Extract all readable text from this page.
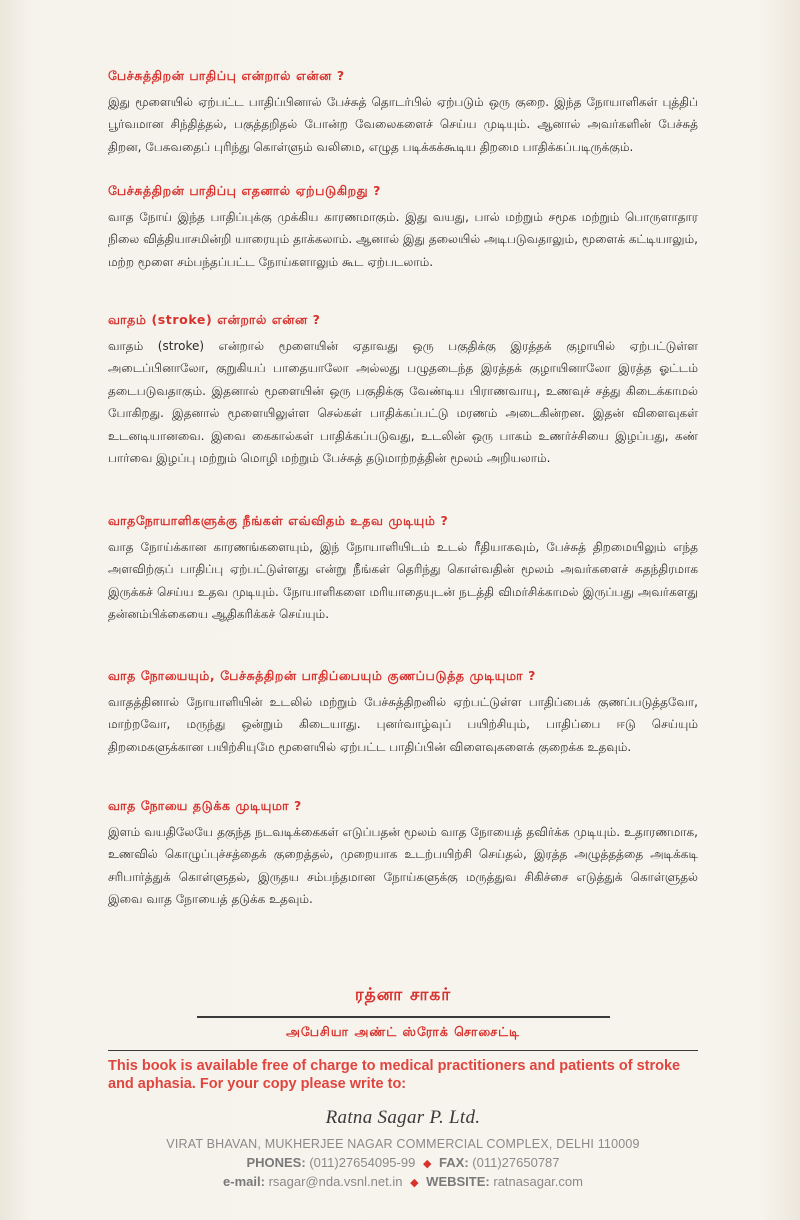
பேச்சுத்திறன் பாதிப்பு என்றால் என்ன ?

இது மூளையில் ஏற்பட்ட பாதிப்பினால் பேச்சுத் தொடர்பில் ஏற்படும் ஒரு குறை. இந்த நோயாளிகள் புத்திப் பூர்வமான சிந்தித்தல், பகுத்தறிதல் போன்ற வேலைகளைச் செய்ய முடியும். ஆனால் அவர்களின் பேச்சுத் திறன, பேசுவதைப் புரிந்து கொள்ளும் வலிமை, எழுத படிக்கக்கூடிய திறமை பாதிக்கப்படிருக்கும்.

பேச்சுத்திறன் பாதிப்பு எதனால் ஏற்படுகிறது ?

வாத நோய் இந்த பாதிப்புக்கு முக்கிய காரணமாகும். இது வயது, பால் மற்றும் சமூக மற்றும் பொருளாதார நிலை வித்தியாசமின்றி யாரையும் தாக்கலாம். ஆனால் இது தலையில் அடிபடுவதாலும், மூளைக் கட்டியாலும், மற்ற மூளை சம்பந்தப்பட்ட நோய்களாலும் கூட ஏற்படலாம்.

வாதம் (stroke) என்றால் என்ன ?

வாதம் (stroke) என்றால் மூளையின் ஏதாவது ஒரு பகுதிக்கு இரத்தக் குழாயில் ஏற்பட்டுள்ள அடைப்பினாலோ, குறுகியப் பாதையாலோ அல்லது பழுதடைந்த இரத்தக் குழாயினாலோ இரத்த ஓட்டம் தடைபடுவதாகும். இதனால் மூளையின் ஒரு பகுதிக்கு வேண்டிய பிராணவாயு, உணவுச் சத்து கிடைக்காமல் போகிறது. இதனால் மூளையிலுள்ள செல்கள் பாதிக்கப்பட்டு மரணம் அடைகின்றன. இதன் விளைவுகள் உடனடியானவை. இவை கைகால்கள் பாதிக்கப்படுவது, உடலின் ஒரு பாகம் உணர்ச்சியை இழப்பது, கண் பார்வை இழப்பு மற்றும் மொழி மற்றும் பேச்சுத் தடுமாற்றத்தின் மூலம் அறியலாம்.

வாதநோயாளிகளுக்கு நீங்கள் எவ்விதம் உதவ முடியும் ?

வாத நோய்க்கான காரணங்களையும், இந் நோயாளியிடம் உடல் ரீதியாகவும், பேச்சுத் திறமையிலும் எந்த அளவிற்குப் பாதிப்பு ஏற்பட்டுள்ளது என்று நீங்கள் தெரிந்து கொள்வதின் மூலம் அவர்களைச் சுதந்திரமாக இருக்கச் செய்ய உதவ முடியும். நோயாளிகளை மரியாதையுடன் நடத்தி விமர்சிக்காமல் இருப்பது அவர்களது தன்னம்பிக்கையை ஆதிகரிக்கச் செய்யும்.

வாத நோயையும், பேச்சுத்திறன் பாதிப்பையும் குணப்படுத்த முடியுமா ?

வாதத்தினால் நோயாளியின் உடலில் மற்றும் பேச்சுத்திறனில் ஏற்பட்டுள்ள பாதிப்பைக் குணப்படுத்தவோ, மாற்றவோ, மருந்து ஒன்றும் கிடையாது. புனர்வாழ்வுப் பயிற்சியும், பாதிப்பை ஈடு செய்யும் திறமைகளுக்கான பயிற்சியுமே மூளையில் ஏற்பட்ட பாதிப்பின் விளைவுகளைக் குறைக்க உதவும்.

வாத நோயை தடுக்க முடியுமா ?

இளம் வயதிலேயே தகுந்த நடவடிக்கைகள் எடுப்பதன் மூலம் வாத நோயைத் தவிர்க்க முடியும். உதாரணமாக, உணவில் கொழுப்புச்சத்தைக் குறைத்தல், முறையாக உடற்பயிற்சி செய்தல், இரத்த அழுத்தத்தை அடிக்கடி சரிபார்த்துக் கொள்ளுதல், இருதய சம்பந்தமான நோய்களுக்கு மருத்துவ சிகிச்சை எடுத்துக் கொள்ளுதல் இவை வாத நோயைத் தடுக்க உதவும்.

ரத்னா சாகர்
அபேசியா அண்ட் ஸ்ரோக் சொசைட்டி
This book is available free of charge to medical practitioners and patients of stroke and aphasia. For your copy please write to:
Ratna Sagar P. Ltd.
VIRAT BHAVAN, MUKHERJEE NAGAR COMMERCIAL COMPLEX, DELHI 110009
PHONES: (011)27654095-99 ◆ FAX: (011)27650787
e-mail: rsagar@nda.vsnl.net.in ◆ WEBSITE: ratnasagar.com
